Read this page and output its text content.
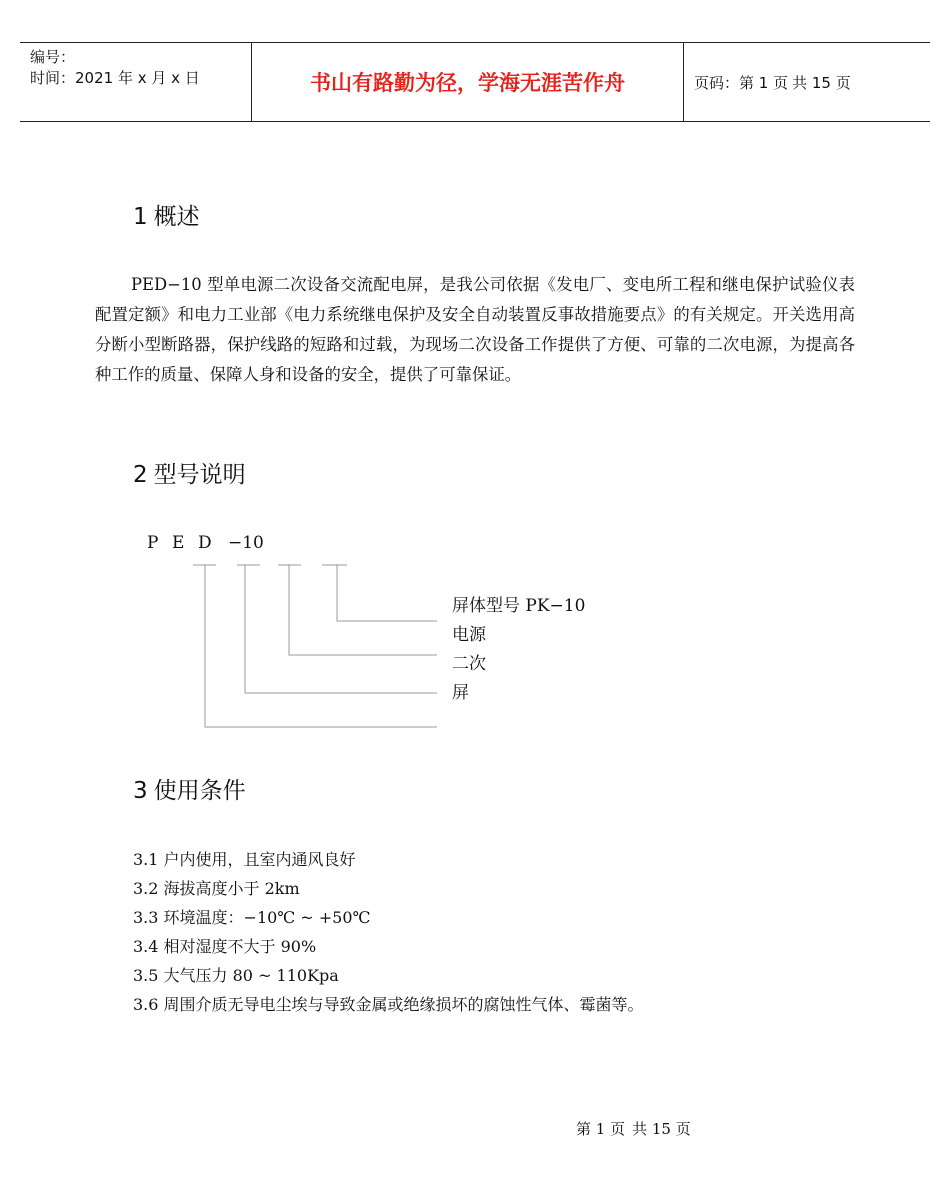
编号：
时间：2021 年 x 月 x 日	书山有路勤为径，学海无涯苦作舟	页码：第 1 页 共 15 页
1 概述
PED−10 型单电源二次设备交流配电屏，是我公司依据《发电厂、变电所工程和继电保护试验仪表配置定额》和电力工业部《电力系统继电保护及安全自动装置反事故措施要点》的有关规定。开关选用高分断小型断路器，保护线路的短路和过载，为现场二次设备工作提供了方便、可靠的二次电源，为提高各种工作的质量、保障人身和设备的安全，提供了可靠保证。
2 型号说明
P E D −10
屏体型号 PK−10
电源
二次
屏
3 使用条件
3.1 户内使用，且室内通风良好
3.2 海拔高度小于 2km
3.3 环境温度：−10℃ ~ +50℃
3.4 相对湿度不大于 90%
3.5 大气压力 80 ~ 110Kpa
3.6 周围介质无导电尘埃与导致金属或绝缘损坏的腐蚀性气体、霉菌等。
第 1 页 共 15 页
